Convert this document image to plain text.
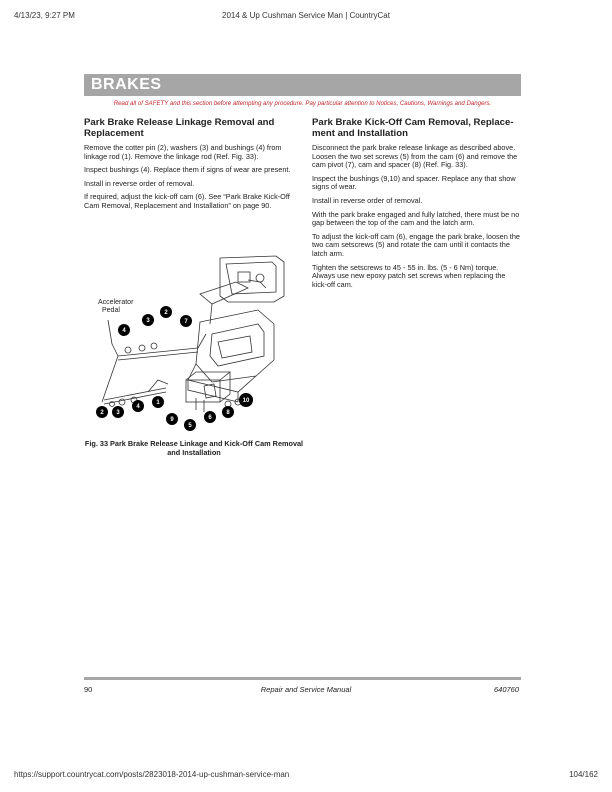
4/13/23, 9:27 PM	2014 & Up Cushman Service Man | CountryCat
BRAKES
Read all of SAFETY and this section before attempting any procedure. Pay particular attention to Notices, Cautions, Warnings and Dangers.
Park Brake Release Linkage Removal and Replacement

Remove the cotter pin (2), washers (3) and bushings (4) from linkage rod (1). Remove the linkage rod (Ref. Fig. 33).

Inspect bushings (4). Replace them if signs of wear are present.

Install in reverse order of removal.

If required, adjust the kick-off cam (6). See “Park Brake Kick-Off Cam Removal, Replacement and Installation” on page 90.

Park Brake Kick-Off Cam Removal, Replace-ment and Installation

Disconnect the park brake release linkage as described above. Loosen the two set screws (5) from the cam (6) and remove the cam pivot (7), cam and spacer (8) (Ref. Fig. 33).

Inspect the bushings (9,10) and spacer. Replace any that show signs of wear.

Install in reverse order of removal.

With the park brake engaged and fully latched, there must be no gap between the top of the cam and the latch arm.

To adjust the kick-off cam (6), engage the park brake, loosen the two cam setscrews (5) and rotate the cam until it contacts the latch arm.

Tighten the setscrews to 45 - 55 in. lbs. (5 - 6 Nm) torque. Always use new epoxy patch set screws when replacing the kick-off cam.

Accelerator
Pedal
4
3
2
7
2 3
4
1
9
5
6
8
10
Fig. 33 Park Brake Release Linkage and Kick-Off Cam Removal and Installation
90	Repair and Service Manual	640760
https://support.countrycat.com/posts/2823018-2014-up-cushman-service-man	104/162
